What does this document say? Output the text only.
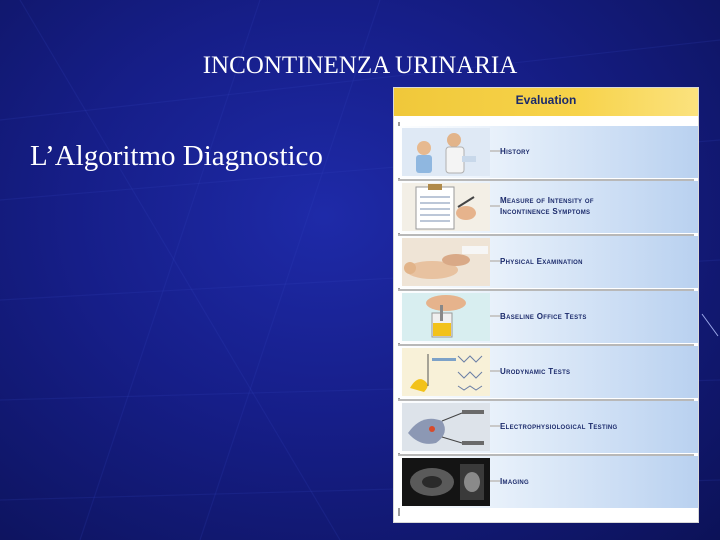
INCONTINENZA URINARIA
L’Algoritmo Diagnostico
Evaluation
History
Measure of Intensity of
Incontinence Symptoms
Physical Examination
Baseline Office Tests
Urodynamic Tests
Electrophysiological Testing
Imaging
